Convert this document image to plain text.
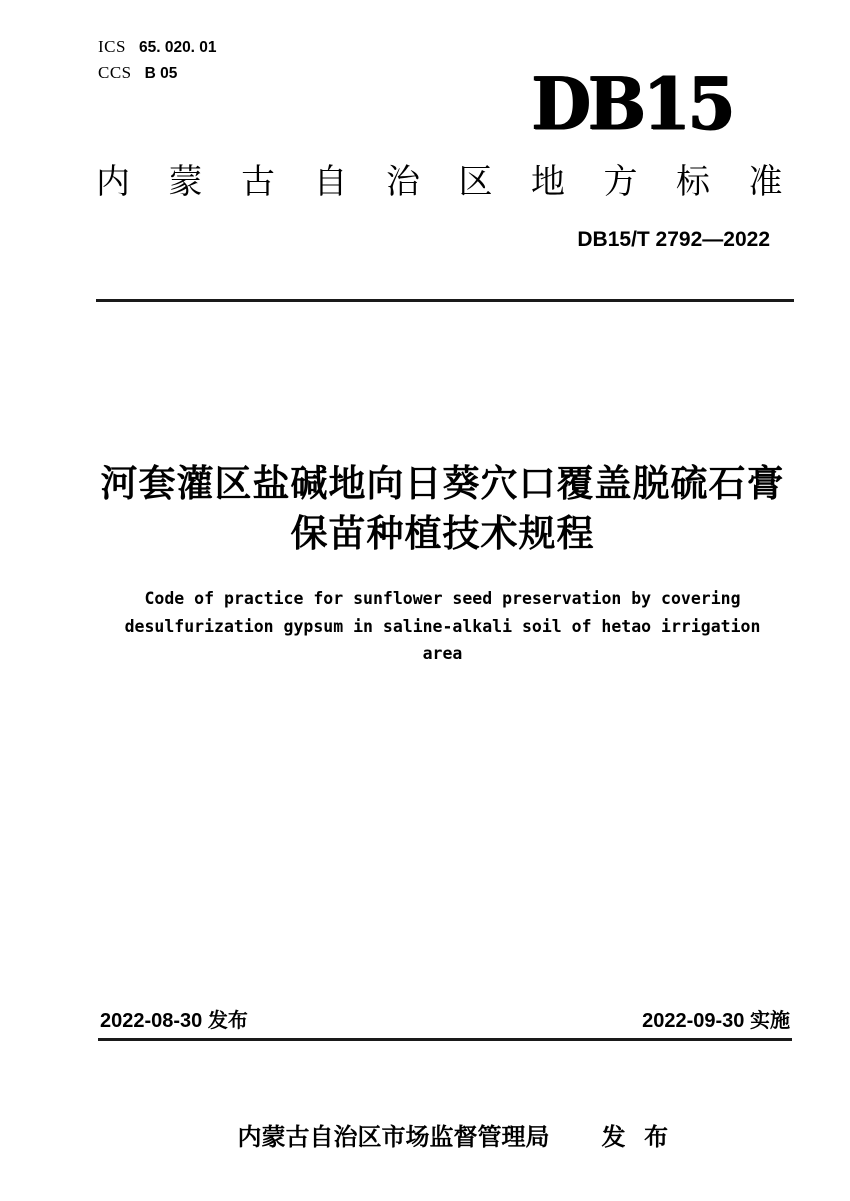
ICS 65. 020. 01
CCS B 05	DB15
内蒙古自治区地方标准
DB15/T 2792—2022
河套灌区盐碱地向日葵穴口覆盖脱硫石膏
保苗种植技术规程
Code of practice for sunflower seed preservation by covering
desulfurization gypsum in saline-alkali soil of hetao irrigation
area
2022-08-30 发布	2022-09-30 实施

内蒙古自治区市场监督管理局 发 布
